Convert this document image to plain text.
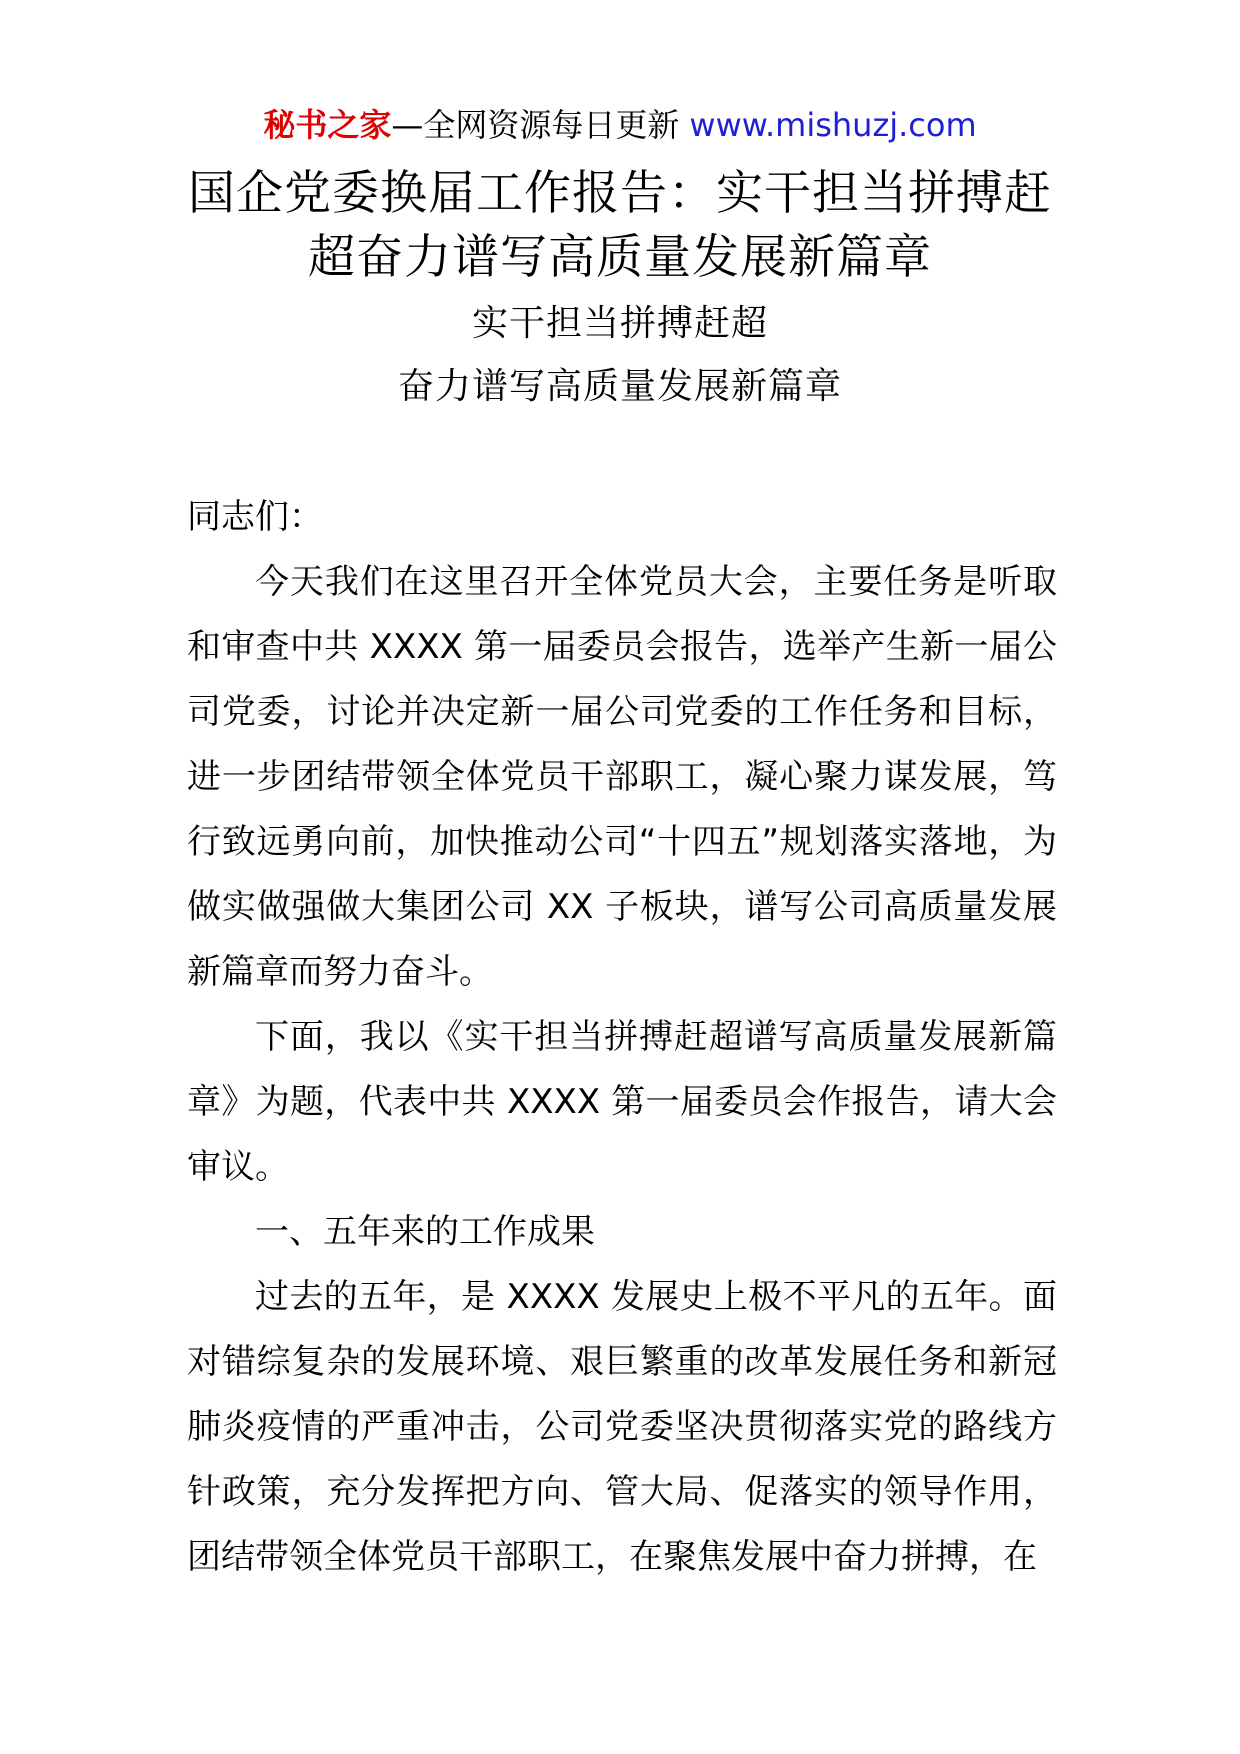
秘书之家—全网资源每日更新 www.mishuzj.com
国企党委换届工作报告：实干担当拼搏赶
超奋力谱写高质量发展新篇章
实干担当拼搏赶超
奋力谱写高质量发展新篇章

同志们：

今天我们在这里召开全体党员大会，主要任务是听取和审查中共 XXXX 第一届委员会报告，选举产生新一届公司党委，讨论并决定新一届公司党委的工作任务和目标，进一步团结带领全体党员干部职工，凝心聚力谋发展，笃行致远勇向前，加快推动公司“十四五”规划落实落地，为做实做强做大集团公司 XX 子板块，谱写公司高质量发展新篇章而努力奋斗。

下面，我以《实干担当拼搏赶超谱写高质量发展新篇章》为题，代表中共 XXXX 第一届委员会作报告，请大会审议。

一、五年来的工作成果

过去的五年，是 XXXX 发展史上极不平凡的五年。面对错综复杂的发展环境、艰巨繁重的改革发展任务和新冠肺炎疫情的严重冲击，公司党委坚决贯彻落实党的路线方针政策，充分发挥把方向、管大局、促落实的领导作用，团结带领全体党员干部职工，在聚焦发展中奋力拼搏，在
